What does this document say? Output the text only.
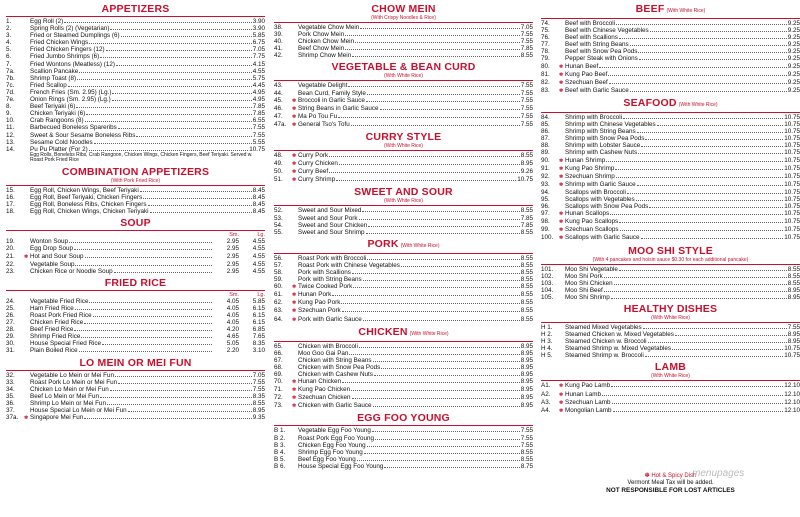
APPETIZERS
1.	Egg Roll (2)	3.90
2.	Spring Rolls (2) (Vegetarian)	3.90
3.	Fried or Steamed Dumplings (6)	5.85
4.	Fried Chicken Wings	6.75
5.	Fried Chicken Fingers (12)	7.05
6.	Fried Jumbo Shrimps (6)	7.75
7.	Fried Wontons (Meatless) (12)	4.15
7a.	Scallion Pancake	4.55
7b.	Shrimp Toast (8)	5.75
7c.	Fried Scallop	4.45
7d.	French Fries (Sm. 2.95) (Lg.)	4.95
7e.	Onion Rings (Sm. 2.95) (Lg.)	4.95
8.	Beef Teriyaki (6)	7.85
9.	Chicken Teriyaki (6)	7.85
10.	Crab Rangoons (8)	6.55
11.	Barbecued Boneless Spareribs	7.55
12.	Sweet & Sour Sesame Boneless Ribs	7.55
13.	Sesame Cold Noodles	5.55
14.	Pu Pu Platter (For 2)	10.75
Egg Rolls, Boneless Ribs, Crab Rangoon, Chicken Wings, Chicken Fingers, Beef Teriyaki. Served w. Roast Pork Fried Rice
COMBINATION APPETIZERS
(With Pork Fried Rice)
15.	Egg Roll, Chicken Wings, Beef Teriyaki	8.45
16.	Egg Roll, Beef Teriyaki, Chicken Fingers	8.45
17.	Egg Roll, Boneless Ribs, Chicken Fingers	8.45
18.	Egg Roll, Chicken Wings, Chicken Teriyaki	8.45
SOUP
Sm.	Lg.
19.	Wonton Soup	2.95	4.55
20.	Egg Drop Soup	2.95	4.55
21.	✽ Hot and Sour Soup	2.95	4.55
22.	Vegetable Soup	2.95	4.55
23.	Chicken Rice or Noodle Soup	2.95	4.55
FRIED RICE
Sm.	Lg.
24.	Vegetable Fried Rice	4.05	5.85
25.	Ham Fried Rice	4.05	6.15
26.	Roast Pork Fried Rice	4.05	6.15
27.	Chicken Fried Rice	4.05	6.15
28.	Beef Fried Rice	4.20	6.85
29.	Shrimp Fried Rice	4.65	7.65
30.	House Special Fried Rice	5.05	8.35
31.	Plain Boiled Rice	2.20	3.10
LO MEIN OR MEI FUN
32.	Vegetable Lo Mein or Mei Fun	7.05
33.	Roast Pork Lo Mein or Mei Fun	7.55
34.	Chicken Lo Mein or Mei Fun	7.55
35.	Beef Lo Mein or Mei Fun	8.35
36.	Shrimp Lo Mein or Mei Fun	8.55
37.	House Special Lo Mein or Mei Fun	8.95
37a.	✽ Singapore Mei Fun	9.35
CHOW MEIN
(With Crispy Noodles & Rice)
38.	Vegetable Chow Mein	7.05
39.	Pork Chow Mein	7.55
40.	Chicken Chow Mein	7.55
41.	Beef Chow Mein	7.85
42.	Shrimp Chow Mein	8.55
VEGETABLE & BEAN CURD
(With White Rice)
43.	Vegetable Delight	7.55
44.	Bean Curd, Family Style	7.55
45.	✽ Broccoli in Garlic Sauce	7.55
46.	✽ String Beans in Garlic Sauce	7.55
47.	✽ Ma Po Tou Fu	7.55
47a.	✽ General Tso's Tofu	7.55
CURRY STYLE
(With White Rice)
48.	✽ Curry Pork	8.55
49.	✽ Curry Chicken	8.95
50.	✽ Curry Beef	9.26
51.	✽ Curry Shrimp	10.75
SWEET AND SOUR
(With White Rice)
52.	Sweet and Sour Mixed	8.55
53.	Sweet and Sour Pork	7.85
54.	Sweet and Sour Chicken	7.85
55.	Sweet and Sour Shrimp	8.55
PORK (With White Rice)
56.	Roast Pork with Broccoli	8.55
57.	Roast Pork with Chinese Vegetables	8.55
58.	Pork with Scallions	8.55
59.	Pork with String Beans	8.55
60.	✽ Twice Cooked Pork	8.55
61.	✽ Hunan Pork	8.55
62.	✽ Kung Pao Pork	8.55
63.	✽ Szechuan Pork	8.55
64.	✽ Pork with Garlic Sauce	8.55
CHICKEN (With White Rice)
65.	Chicken with Broccoli	8.95
66.	Moo Goo Gai Pan	8.95
67.	Chicken with String Beans	8.95
68.	Chicken with Snow Pea Pods	8.95
69.	Chicken with Cashew Nuts	8.95
70.	✽ Hunan Chicken	8.95
71.	✽ Kung Pao Chicken	8.95
72.	✽ Szechuan Chicken	8.95
73.	✽ Chicken with Garlic Sauce	8.95
EGG FOO YOUNG
B 1.	Vegetable Egg Foo Young	7.55
B 2.	Roast Pork Egg Foo Young	7.55
B 3.	Chicken Egg Foo Young	7.55
B 4.	Shrimp Egg Foo Young	8.55
B 5.	Beef Egg Foo Young	8.55
B 6.	House Special Egg Foo Young	8.75
BEEF (With White Rice)
74.	Beef with Broccoli	9.25
75.	Beef with Chinese Vegetables	9.25
76.	Beef with Scallions	9.25
77.	Beef with String Beans	9.25
78.	Beef with Snow Pea Pods	9.25
79.	Pepper Steak with Onions	9.25
80.	✽ Hunan Beef	9.25
81.	✽ Kung Pao Beef	9.25
82.	✽ Szechuan Beef	9.25
83.	✽ Beef with Garlic Sauce	9.25
SEAFOOD (With White Rice)
84.	Shrimp with Broccoli	10.75
85.	Shrimp with Chinese Vegetables	10.75
86.	Shrimp with String Beans	10.75
87.	Shrimp with Snow Pea Pods	10.75
88.	Shrimp with Lobster Sauce	10.75
89.	Shrimp with Cashew Nuts	10.75
90.	✽ Hunan Shrimp	10.75
91.	✽ Kung Pao Shrimp	10.75
92.	✽ Szechuan Shrimp	10.75
93.	✽ Shrimp with Garlic Sauce	10.75
94.	Scallops with Broccoli	10.75
95.	Scallops with Vegetables	10.75
96.	Scallops with Snow Pea Pods	10.75
97.	✽ Hunan Scallops	10.75
98.	✽ Kung Pao Scallops	10.75
99.	✽ Szechuan Scallops	10.75
100.	✽ Scallops with Garlic Sauce	10.75
MOO SHI STYLE
(With 4 pancakes and hoisin sauce $0.30 for each additional pancake)
101.	Moo Shi Vegetable	8.55
102.	Moo Shi Pork	8.55
103.	Moo Shi Chicken	8.55
104.	Moo Shi Beef	8.95
105.	Moo Shi Shrimp	8.95
HEALTHY DISHES
(With White Rice)
H 1.	Steamed Mixed Vegetables	7.55
H 2.	Steamed Chicken w. Mixed Vegetables	8.95
H 3.	Steamed Chicken w. Broccoli	8.95
H 4.	Steamed Shrimp w. Mixed Vegetables	10.75
H 5.	Steamed Shrimp w. Broccoli	10.75
LAMB
(With White Rice)
A1.	✽ Kung Pao Lamb	12.10
A2.	✽ Hunan Lamb	12.10
A3.	✽ Szechuan Lamb	12.10
A4.	✽ Mongolian Lamb	12.10
✽ Hot & Spicy Dish
Vermont Meal Tax will be added.
NOT RESPONSIBLE FOR LOST ARTICLES
menupages
